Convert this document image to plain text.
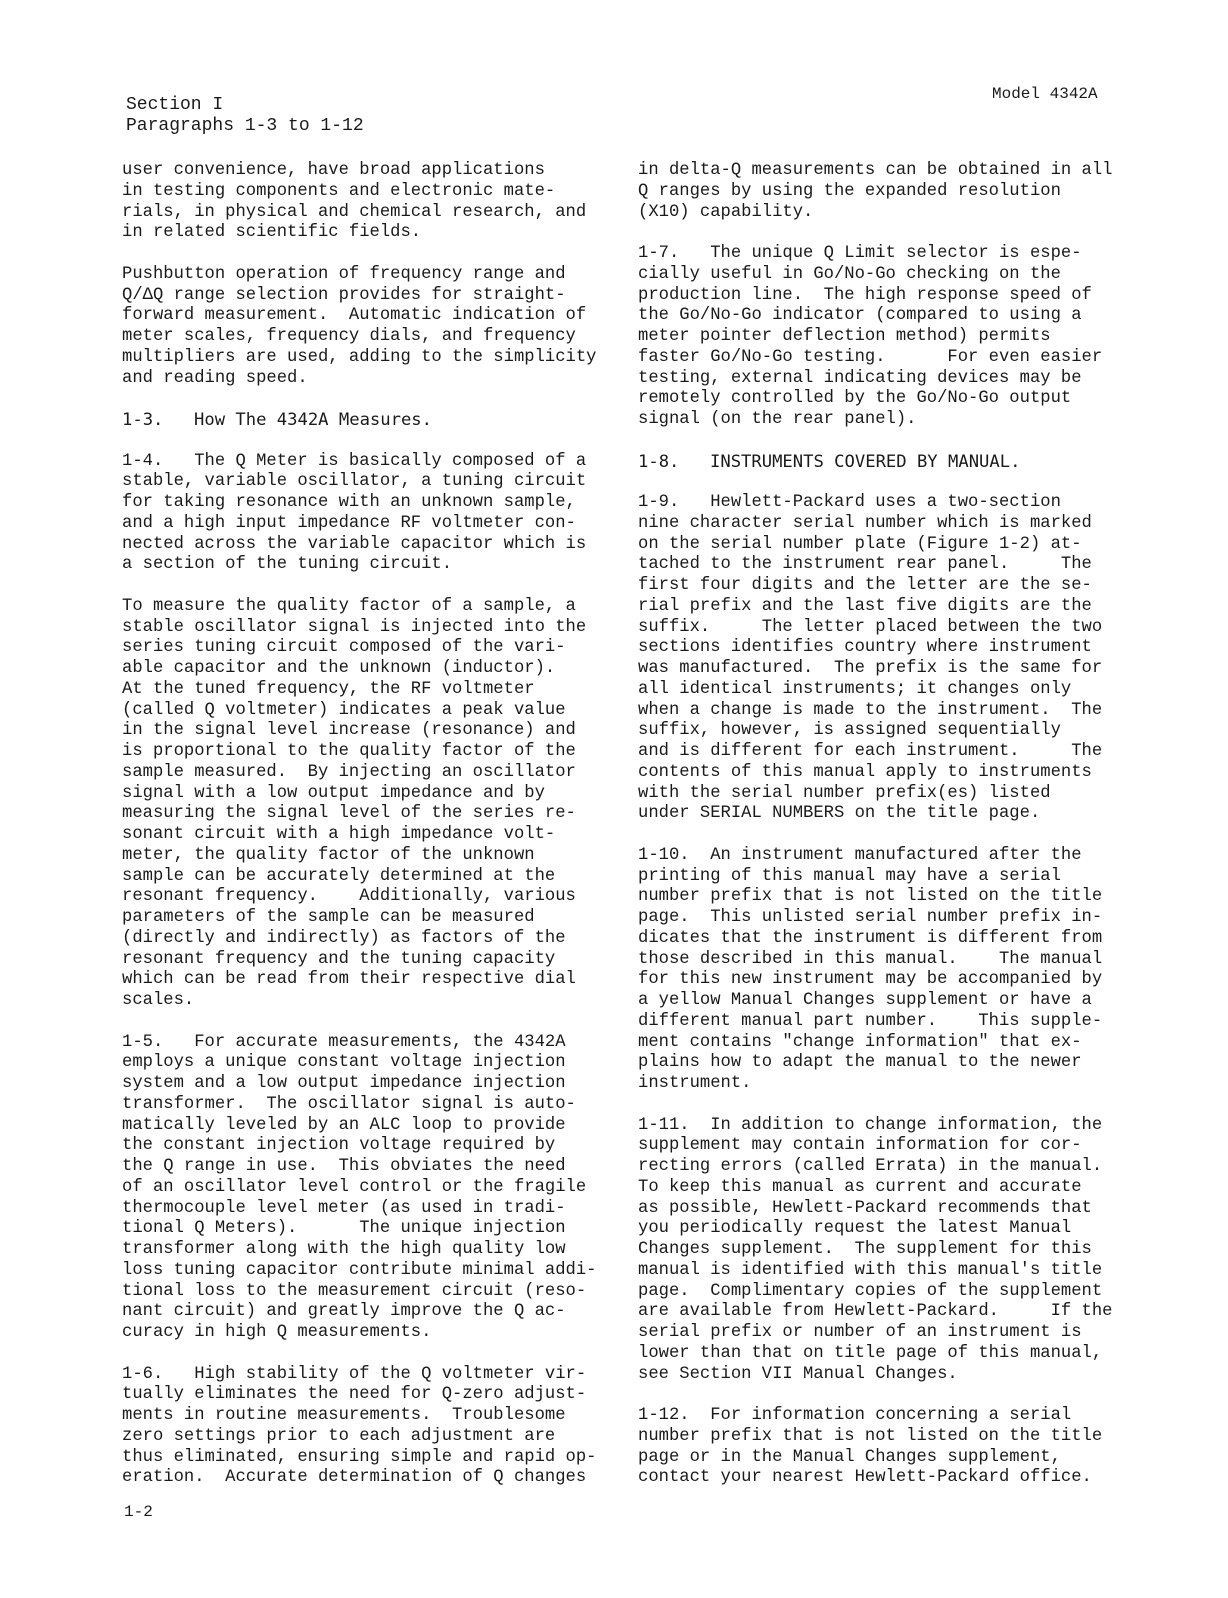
Model 4342A
Section I
Paragraphs 1-3 to 1-12
user convenience, have broad applications
in testing components and electronic mate-
rials, in physical and chemical research, and
in related scientific fields.
Pushbutton operation of frequency range and
Q/ΔQ range selection provides for straight-
forward measurement.  Automatic indication of
meter scales, frequency dials, and frequency
multipliers are used, adding to the simplicity
and reading speed.
1-3. How The 4342A Measures.
1-4.   The Q Meter is basically composed of a
stable, variable oscillator, a tuning circuit
for taking resonance with an unknown sample,
and a high input impedance RF voltmeter con-
nected across the variable capacitor which is
a section of the tuning circuit.
To measure the quality factor of a sample, a
stable oscillator signal is injected into the
series tuning circuit composed of the vari-
able capacitor and the unknown (inductor).
At the tuned frequency, the RF voltmeter
(called Q voltmeter) indicates a peak value
in the signal level increase (resonance) and
is proportional to the quality factor of the
sample measured.  By injecting an oscillator
signal with a low output impedance and by
measuring the signal level of the series re-
sonant circuit with a high impedance volt-
meter, the quality factor of the unknown
sample can be accurately determined at the
resonant frequency.    Additionally, various
parameters of the sample can be measured
(directly and indirectly) as factors of the
resonant frequency and the tuning capacity
which can be read from their respective dial
scales.
1-5.   For accurate measurements, the 4342A
employs a unique constant voltage injection
system and a low output impedance injection
transformer.  The oscillator signal is auto-
matically leveled by an ALC loop to provide
the constant injection voltage required by
the Q range in use.  This obviates the need
of an oscillator level control or the fragile
thermocouple level meter (as used in tradi-
tional Q Meters).      The unique injection
transformer along with the high quality low
loss tuning capacitor contribute minimal addi-
tional loss to the measurement circuit (reso-
nant circuit) and greatly improve the Q ac-
curacy in high Q measurements.
1-6.   High stability of the Q voltmeter vir-
tually eliminates the need for Q-zero adjust-
ments in routine measurements.  Troublesome
zero settings prior to each adjustment are
thus eliminated, ensuring simple and rapid op-
eration.  Accurate determination of Q changes
in delta-Q measurements can be obtained in all
Q ranges by using the expanded resolution
(X10) capability.
1-7.   The unique Q Limit selector is espe-
cially useful in Go/No-Go checking on the
production line.  The high response speed of
the Go/No-Go indicator (compared to using a
meter pointer deflection method) permits
faster Go/No-Go testing.      For even easier
testing, external indicating devices may be
remotely controlled by the Go/No-Go output
signal (on the rear panel).
1-8. INSTRUMENTS COVERED BY MANUAL.
1-9.   Hewlett-Packard uses a two-section
nine character serial number which is marked
on the serial number plate (Figure 1-2) at-
tached to the instrument rear panel.     The
first four digits and the letter are the se-
rial prefix and the last five digits are the
suffix.     The letter placed between the two
sections identifies country where instrument
was manufactured.  The prefix is the same for
all identical instruments; it changes only
when a change is made to the instrument.  The
suffix, however, is assigned sequentially
and is different for each instrument.     The
contents of this manual apply to instruments
with the serial number prefix(es) listed
under SERIAL NUMBERS on the title page.
1-10.  An instrument manufactured after the
printing of this manual may have a serial
number prefix that is not listed on the title
page.  This unlisted serial number prefix in-
dicates that the instrument is different from
those described in this manual.    The manual
for this new instrument may be accompanied by
a yellow Manual Changes supplement or have a
different manual part number.    This supple-
ment contains "change information" that ex-
plains how to adapt the manual to the newer
instrument.
1-11.  In addition to change information, the
supplement may contain information for cor-
recting errors (called Errata) in the manual.
To keep this manual as current and accurate
as possible, Hewlett-Packard recommends that
you periodically request the latest Manual
Changes supplement.  The supplement for this
manual is identified with this manual's title
page.  Complimentary copies of the supplement
are available from Hewlett-Packard.     If the
serial prefix or number of an instrument is
lower than that on title page of this manual,
see Section VII Manual Changes.
1-12.  For information concerning a serial
number prefix that is not listed on the title
page or in the Manual Changes supplement,
contact your nearest Hewlett-Packard office.
1-2
